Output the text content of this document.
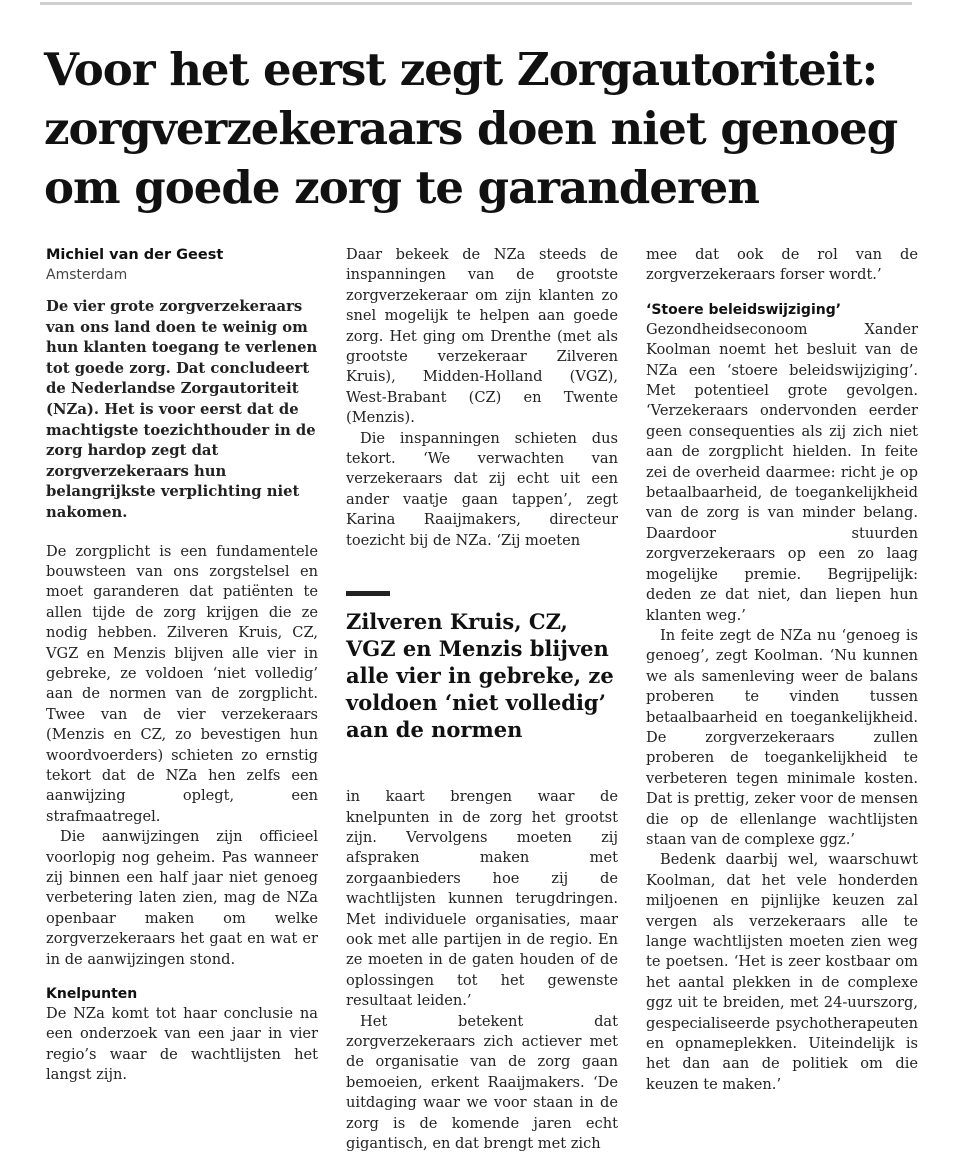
Voor het eerst zegt Zorgautoriteit: zorgverzekeraars doen niet genoeg om goede zorg te garanderen
Michiel van der Geest
Amsterdam

De vier grote zorgverzekeraars van ons land doen te weinig om hun klanten toegang te verlenen tot goede zorg. Dat concludeert de Nederlandse Zorgautoriteit (NZa). Het is voor eerst dat de machtigste toezichthouder in de zorg hardop zegt dat zorgverzekeraars hun belangrijkste verplichting niet nakomen.

De zorgplicht is een fundamentele bouwsteen van ons zorgstelsel en moet garanderen dat patiënten te allen tijde de zorg krijgen die ze nodig hebben. Zilveren Kruis, CZ, VGZ en Menzis blijven alle vier in gebreke, ze voldoen ‘niet volledig’ aan de normen van de zorgplicht. Twee van de vier verzekeraars (Menzis en CZ, zo bevestigen hun woordvoerders) schieten zo ernstig tekort dat de NZa hen zelfs een aanwijzing oplegt, een strafmaatregel.

Die aanwijzingen zijn officieel voorlopig nog geheim. Pas wanneer zij binnen een half jaar niet genoeg verbetering laten zien, mag de NZa openbaar maken om welke zorgverzekeraars het gaat en wat er in de aanwijzingen stond.

Knelpunten

De NZa komt tot haar conclusie na een onderzoek van een jaar in vier regio’s waar de wachtlijsten het langst zijn.

Daar bekeek de NZa steeds de inspanningen van de grootste zorgverzekeraar om zijn klanten zo snel mogelijk te helpen aan goede zorg. Het ging om Drenthe (met als grootste verzekeraar Zilveren Kruis), Midden-Holland (VGZ), West-Brabant (CZ) en Twente (Menzis).

Die inspanningen schieten dus tekort. ‘We verwachten van verzekeraars dat zij echt uit een ander vaatje gaan tappen’, zegt Karina Raaijmakers, directeur toezicht bij de NZa. ‘Zij moeten

Zilveren Kruis, CZ, VGZ en Menzis blijven alle vier in gebreke, ze voldoen ‘niet volledig’ aan de normen

in kaart brengen waar de knelpunten in de zorg het grootst zijn. Vervolgens moeten zij afspraken maken met zorgaanbieders hoe zij de wachtlijsten kunnen terugdringen. Met individuele organisaties, maar ook met alle partijen in de regio. En ze moeten in de gaten houden of de oplossingen tot het gewenste resultaat leiden.’

Het betekent dat zorgverzekeraars zich actiever met de organisatie van de zorg gaan bemoeien, erkent Raaijmakers. ‘De uitdaging waar we voor staan in de zorg is de komende jaren echt gigantisch, en dat brengt met zich

mee dat ook de rol van de zorgverzekeraars forser wordt.’

‘Stoere beleidswijziging’

Gezondheidseconoom Xander Koolman noemt het besluit van de NZa een ‘stoere beleidswijziging’. Met potentieel grote gevolgen. ‘Verzekeraars ondervonden eerder geen consequenties als zij zich niet aan de zorgplicht hielden. In feite zei de overheid daarmee: richt je op betaalbaarheid, de toegankelijkheid van de zorg is van minder belang. Daardoor stuurden zorgverzekeraars op een zo laag mogelijke premie. Begrijpelijk: deden ze dat niet, dan liepen hun klanten weg.’

In feite zegt de NZa nu ‘genoeg is genoeg’, zegt Koolman. ‘Nu kunnen we als samenleving weer de balans proberen te vinden tussen betaalbaarheid en toegankelijkheid. De zorgverzekeraars zullen proberen de toegankelijkheid te verbeteren tegen minimale kosten. Dat is prettig, zeker voor de mensen die op de ellenlange wachtlijsten staan van de complexe ggz.’

Bedenk daarbij wel, waarschuwt Koolman, dat het vele honderden miljoenen en pijnlijke keuzen zal vergen als verzekeraars alle te lange wachtlijsten moeten zien weg te poetsen. ‘Het is zeer kostbaar om het aantal plekken in de complexe ggz uit te breiden, met 24-uurszorg, gespecialiseerde psychotherapeuten en opnameplekken. Uiteindelijk is het dan aan de politiek om die keuzen te maken.’
